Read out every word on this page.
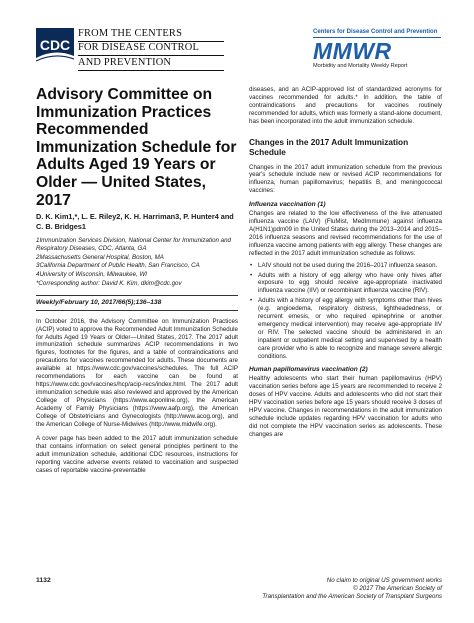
CDC
FROM THE CENTERS
FOR DISEASE CONTROL
AND PREVENTION
Centers for Disease Control and Prevention
MMWR
Morbidity and Mortality Weekly Report
Advisory Committee on Immunization Practices Recommended Immunization Schedule for Adults Aged 19 Years or Older — United States, 2017
D. K. Kim1,*, L. E. Riley2, K. H. Harriman3, P. Hunter4 and C. B. Bridges1

1Immunization Services Division, National Center for Immunization and Respiratory Diseases, CDC, Atlanta, GA

2Massachusetts General Hospital, Boston, MA

3California Department of Public Health, San Francisco, CA

4University of Wisconsin, Milwaukee, WI

*Corresponding author: David K. Kim, dkim@cdc.gov

Weekly/February 10, 2017/66(5);136–138

In October 2016, the Advisory Committee on Immunization Practices (ACIP) voted to approve the Recommended Adult Immunization Schedule for Adults Aged 19 Years or Older—United States, 2017. The 2017 adult immunization schedule summarizes ACIP recommendations in two figures, footnotes for the figures, and a table of contraindications and precautions for vaccines recommended for adults. These documents are available at https://www.cdc.gov/vaccines/schedules. The full ACIP recommendations for each vaccine can be found at https://www.cdc.gov/vaccines/hcp/acip-recs/index.html. The 2017 adult immunization schedule was also reviewed and approved by the American College of Physicians (https://www.acponline.org), the American Academy of Family Physicians (https://www.aafp.org), the American College of Obstetricians and Gynecologists (http://www.acog.org), and the American College of Nurse-Midwives (http://www.midwife.org).

A cover page has been added to the 2017 adult immunization schedule that contains information on select general principles pertinent to the adult immunization schedule, additional CDC resources, instructions for reporting vaccine adverse events related to vaccination and suspected cases of reportable vaccine-preventable

diseases, and an ACIP-approved list of standardized acronyms for vaccines recommended for adults.* In addition, the table of contraindications and precautions for vaccines routinely recommended for adults, which was formerly a stand-alone document, has been incorporated into the adult immunization schedule.

Changes in the 2017 Adult Immunization Schedule

Changes in the 2017 adult immunization schedule from the previous year's schedule include new or revised ACIP recommendations for influenza, human papillomavirus; hepatitis B, and meningococcal vaccines:

Influenza vaccination (1)

Changes are related to the low effectiveness of the live attenuated influenza vaccine (LAIV) (FluMist, MedImmune) against influenza A(H1N1)pdm09 in the United States during the 2013–2014 and 2015–2016 influenza seasons and revised recommendations for the use of influenza vaccine among patients with egg allergy. These changes are reflected in the 2017 adult immunization schedule as follows:

• LAIV should not be used during the 2016–2017 influenza season.
• Adults with a history of egg allergy who have only hives after exposure to egg should receive age-appropriate inactivated influenza vaccine (IIV) or recombinant influenza vaccine (RIV).
• Adults with a history of egg allergy with symptoms other than hives (e.g. angioedema, respiratory distress, lightheadedness, or recurrent emesis, or who required epinephrine or another emergency medical intervention) may receive age-appropriate IIV or RIV. The selected vaccine should be administered in an inpatient or outpatient medical setting and supervised by a health care provider who is able to recognize and manage severe allergic conditions.
Human papillomavirus vaccination (2)

Healthy adolescents who start their human papillomavirus (HPV) vaccination series before age 15 years are recommended to receive 2 doses of HPV vaccine. Adults and adolescents who did not start their HPV vaccination series before age 15 years should receive 3 doses of HPV vaccine. Changes in recommendations in the adult immunization schedule include updates regarding HPV vaccination for adults who did not complete the HPV vaccination series as adolescents. These changes are

1132	No claim to original US government works
© 2017 The American Society of
Transplantation and the American Society of Transplant Surgeons
